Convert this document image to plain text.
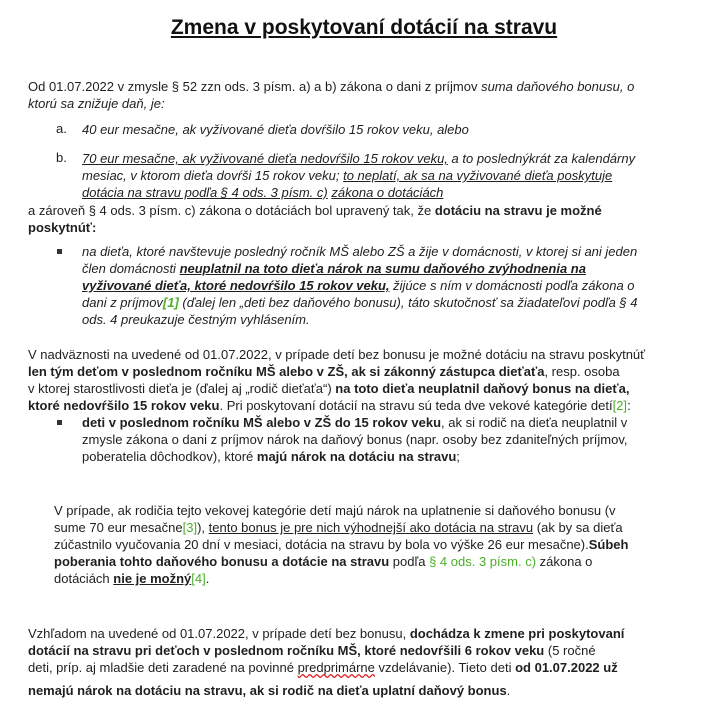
Zmena v poskytovaní dotácií na stravu
Od 01.07.2022 v zmysle § 52 zzn ods. 3 písm. a) a b) zákona o dani z príjmov suma daňového bonusu, o
ktorú sa znižuje daň, je:
a. 40 eur mesačne, ak vyživované dieťa dovŕšilo 15 rokov veku, alebo
b. 70 eur mesačne, ak vyživované dieťa nedovŕšilo 15 rokov veku, a to poslednýkrát za kalendárny
mesiac, v ktorom dieťa dovŕši 15 rokov veku; to neplatí, ak sa na vyživované dieťa poskytuje
dotácia na stravu podľa § 4 ods. 3 písm. c) zákona o dotáciách
a zároveň § 4 ods. 3 písm. c) zákona o dotáciách bol upravený tak, že dotáciu na stravu je možné
poskytnúť:
na dieťa, ktoré navštevuje posledný ročník MŠ alebo ZŠ a žije v domácnosti, v ktorej si ani jeden
člen domácnosti neuplatnil na toto dieťa nárok na sumu daňového zvýhodnenia na
vyživované dieťa, ktoré nedovŕšilo 15 rokov veku, žijúce s ním v domácnosti podľa zákona o
dani z príjmov[1] (ďalej len „deti bez daňového bonusu), táto skutočnosť sa žiadateľovi podľa § 4
ods. 4 preukazuje čestným vyhlásením.
V nadväznosti na uvedené od 01.07.2022, v prípade detí bez bonusu je možné dotáciu na stravu poskytnúť
len tým deťom v poslednom ročníku MŠ alebo v ZŠ, ak si zákonný zástupca dieťaťa, resp. osoba
v ktorej starostlivosti dieťa je (ďalej aj „rodič dieťaťa“) na toto dieťa neuplatnil daňový bonus na dieťa,
ktoré nedovŕšilo 15 rokov veku. Pri poskytovaní dotácií na stravu sú teda dve vekové kategórie detí[2]:
deti v poslednom ročníku MŠ alebo v ZŠ do 15 rokov veku, ak si rodič na dieťa neuplatnil v
zmysle zákona o dani z príjmov nárok na daňový bonus (napr. osoby bez zdaniteľných príjmov,
poberatelia dôchodkov), ktoré majú nárok na dotáciu na stravu;
V prípade, ak rodičia tejto vekovej kategórie detí majú nárok na uplatnenie si daňového bonusu (v
sume 70 eur mesačne[3]), tento bonus je pre nich výhodnejší ako dotácia na stravu (ak by sa dieťa
zúčastnilo vyučovania 20 dní v mesiaci, dotácia na stravu by bola vo výške 26 eur mesačne).Súbeh
poberania tohto daňového bonusu a dotácie na stravu podľa § 4 ods. 3 písm. c) zákona o
dotáciách nie je možný[4].
Vzhľadom na uvedené od 01.07.2022, v prípade detí bez bonusu, dochádza k zmene pri poskytovaní
dotácií na stravu pri deťoch v poslednom ročníku MŠ, ktoré nedovŕšili 6 rokov veku (5 ročné
deti, príp. aj mladšie deti zaradené na povinné predprimárne vzdelávanie). Tieto deti od 01.07.2022 už
nemajú nárok na dotáciu na stravu, ak si rodič na dieťa uplatní daňový bonus.
